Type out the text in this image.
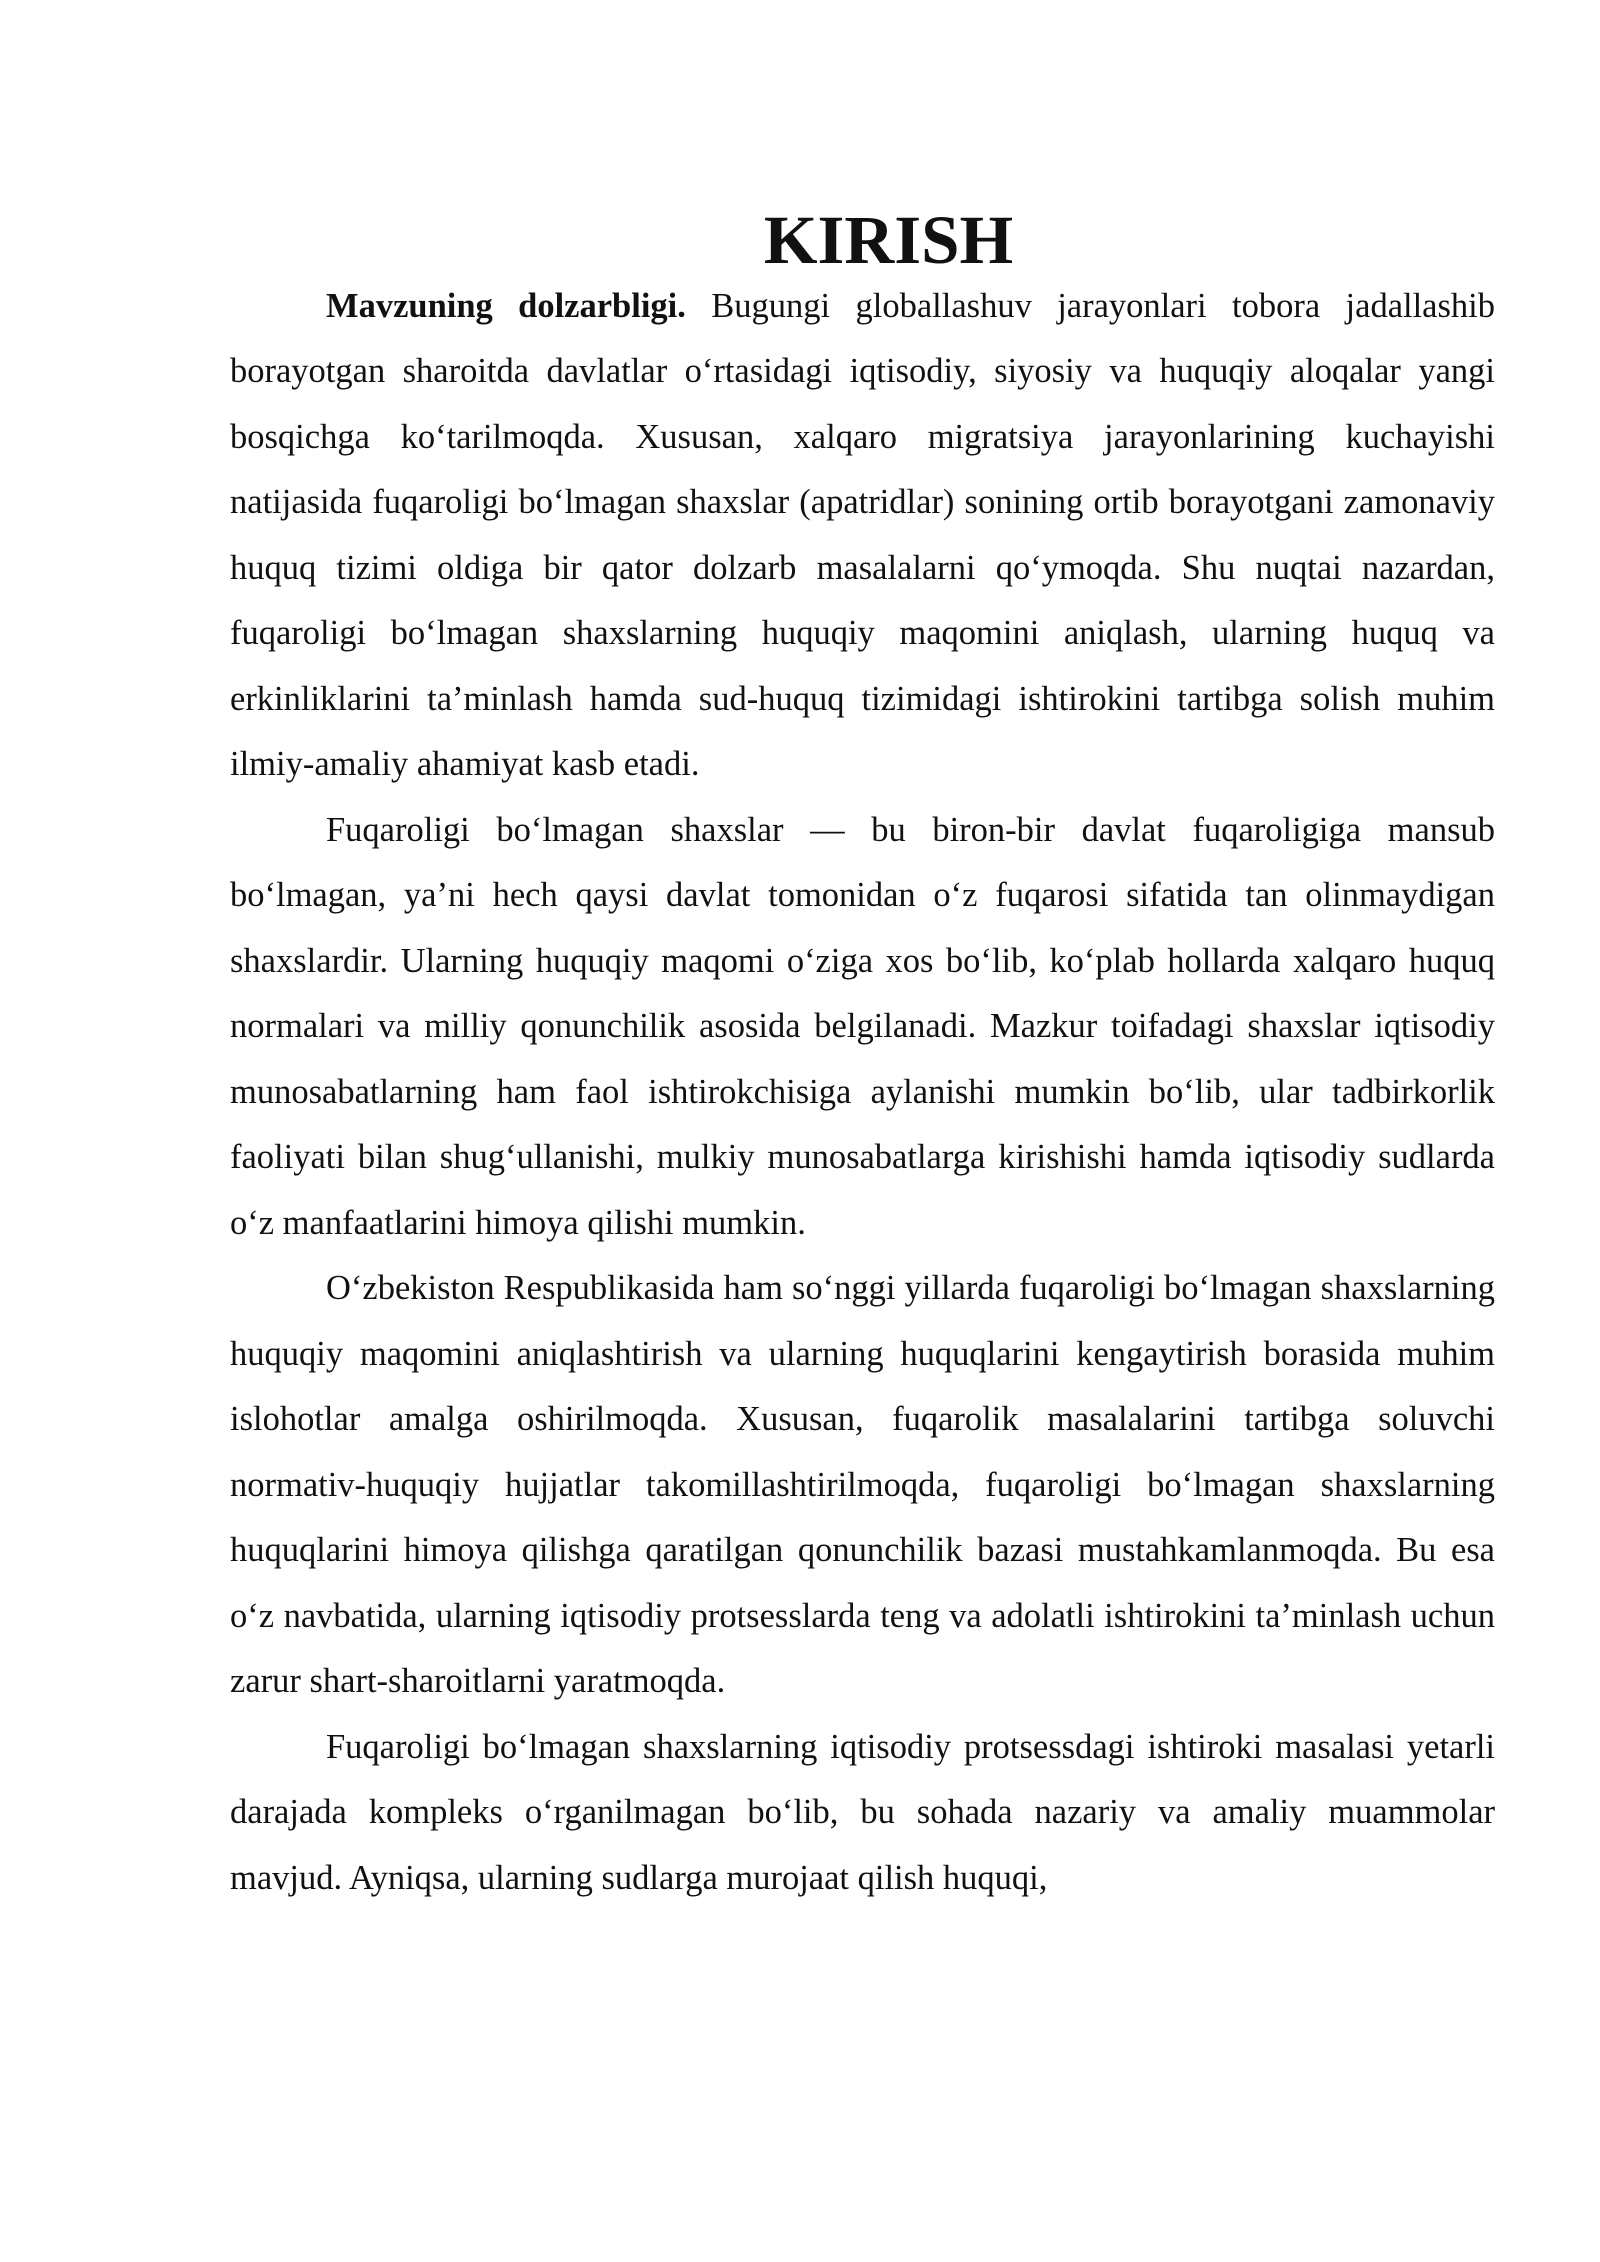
KIRISH

Mavzuning dolzarbligi. Bugungi globallashuv jarayonlari tobora jadallashib borayotgan sharoitda davlatlar o‘rtasidagi iqtisodiy, siyosiy va huquqiy aloqalar yangi bosqichga ko‘tarilmoqda. Xususan, xalqaro migratsiya jarayonlarining kuchayishi natijasida fuqaroligi bo‘lmagan shaxslar (apatridlar) sonining ortib borayotgani zamonaviy huquq tizimi oldiga bir qator dolzarb masalalarni qo‘ymoqda. Shu nuqtai nazardan, fuqaroligi bo‘lmagan shaxslarning huquqiy maqomini aniqlash, ularning huquq va erkinliklarini ta’minlash hamda sud-huquq tizimidagi ishtirokini tartibga solish muhim ilmiy-amaliy ahamiyat kasb etadi.

Fuqaroligi bo‘lmagan shaxslar — bu biron-bir davlat fuqaroligiga mansub bo‘lmagan, ya’ni hech qaysi davlat tomonidan o‘z fuqarosi sifatida tan olinmaydigan shaxslardir. Ularning huquqiy maqomi o‘ziga xos bo‘lib, ko‘plab hollarda xalqaro huquq normalari va milliy qonunchilik asosida belgilanadi. Mazkur toifadagi shaxslar iqtisodiy munosabatlarning ham faol ishtirokchisiga aylanishi mumkin bo‘lib, ular tadbirkorlik faoliyati bilan shug‘ullanishi, mulkiy munosabatlarga kirishishi hamda iqtisodiy sudlarda o‘z manfaatlarini himoya qilishi mumkin.

O‘zbekiston Respublikasida ham so‘nggi yillarda fuqaroligi bo‘lmagan shaxslarning huquqiy maqomini aniqlashtirish va ularning huquqlarini kengaytirish borasida muhim islohotlar amalga oshirilmoqda. Xususan, fuqarolik masalalarini tartibga soluvchi normativ-huquqiy hujjatlar takomillashtirilmoqda, fuqaroligi bo‘lmagan shaxslarning huquqlarini himoya qilishga qaratilgan qonunchilik bazasi mustahkamlanmoqda. Bu esa o‘z navbatida, ularning iqtisodiy protsesslarda teng va adolatli ishtirokini ta’minlash uchun zarur shart-sharoitlarni yaratmoqda.

Fuqaroligi bo‘lmagan shaxslarning iqtisodiy protsessdagi ishtiroki masalasi yetarli darajada kompleks o‘rganilmagan bo‘lib, bu sohada nazariy va amaliy muammolar mavjud. Ayniqsa, ularning sudlarga murojaat qilish huquqi,
